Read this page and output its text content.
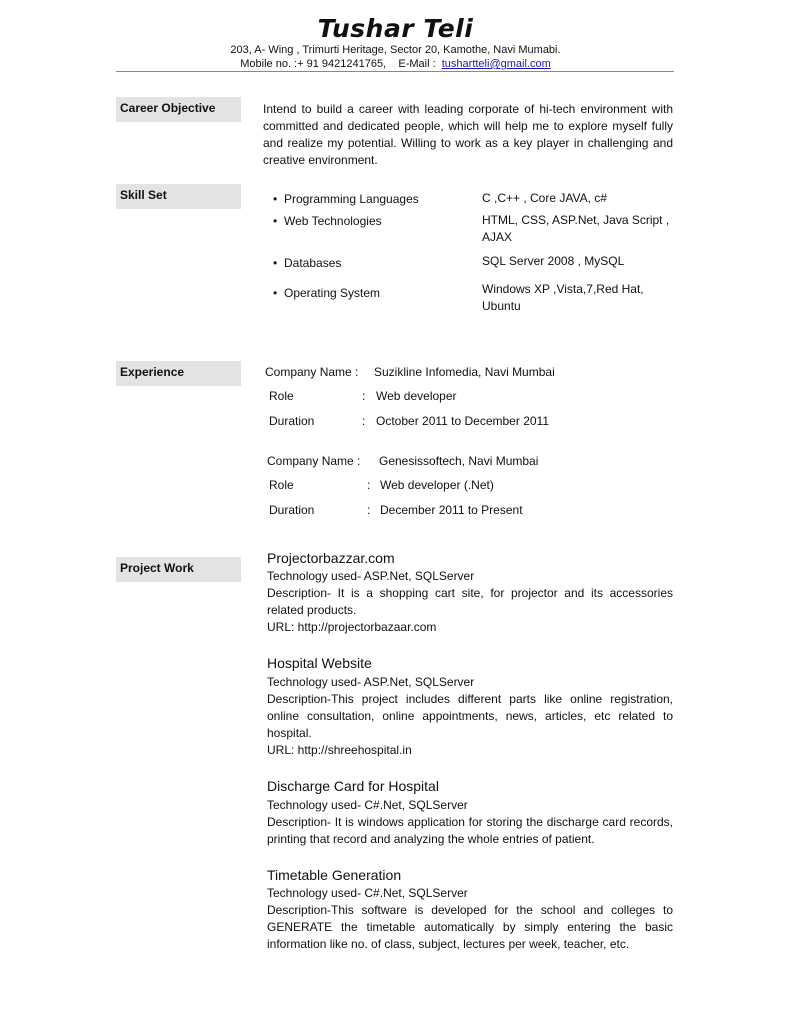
Tushar Teli
203, A- Wing , Trimurti Heritage, Sector 20, Kamothe, Navi Mumabi.
Mobile no. :+ 91 9421241765,    E-Mail :  tushartteli@gmail.com
Career Objective	Intend to build a career with leading corporate of hi-tech environment with committed and dedicated people, which will help me to explore myself fully and realize my potential. Willing to work as a key player in challenging and creative environment.
Skill Set	• Programming Languages	C ,C++ , Core JAVA, c#
• Web Technologies	HTML, CSS, ASP.Net, Java Script , AJAX
• Databases	SQL Server 2008 , MySQL
• Operating System	Windows XP ,Vista,7,Red Hat, Ubuntu
Experience	Company Name : Suzikline Infomedia, Navi Mumbai
Role	: Web developer
Duration	: October 2011 to December 2011
Company Name : Genesissoftech, Navi Mumbai
Role	: Web developer (.Net)
Duration	: December 2011 to Present
Project Work
Projectorbazzar.com
Technology used- ASP.Net, SQLServer
Description- It is a shopping cart site, for projector and its accessories related products.
URL: http://projectorbazaar.com
Hospital Website
Technology used- ASP.Net, SQLServer
Description-This project includes different parts like online registration, online consultation, online appointments, news, articles, etc related to hospital.
URL: http://shreehospital.in
Discharge Card for Hospital
Technology used- C#.Net, SQLServer
Description- It is windows application for storing the discharge card records, printing that record and analyzing the whole entries of patient.
Timetable Generation
Technology used- C#.Net, SQLServer
Description-This software is developed for the school and colleges to GENERATE the timetable automatically by simply entering the basic information like no. of class, subject, lectures per week, teacher, etc.
